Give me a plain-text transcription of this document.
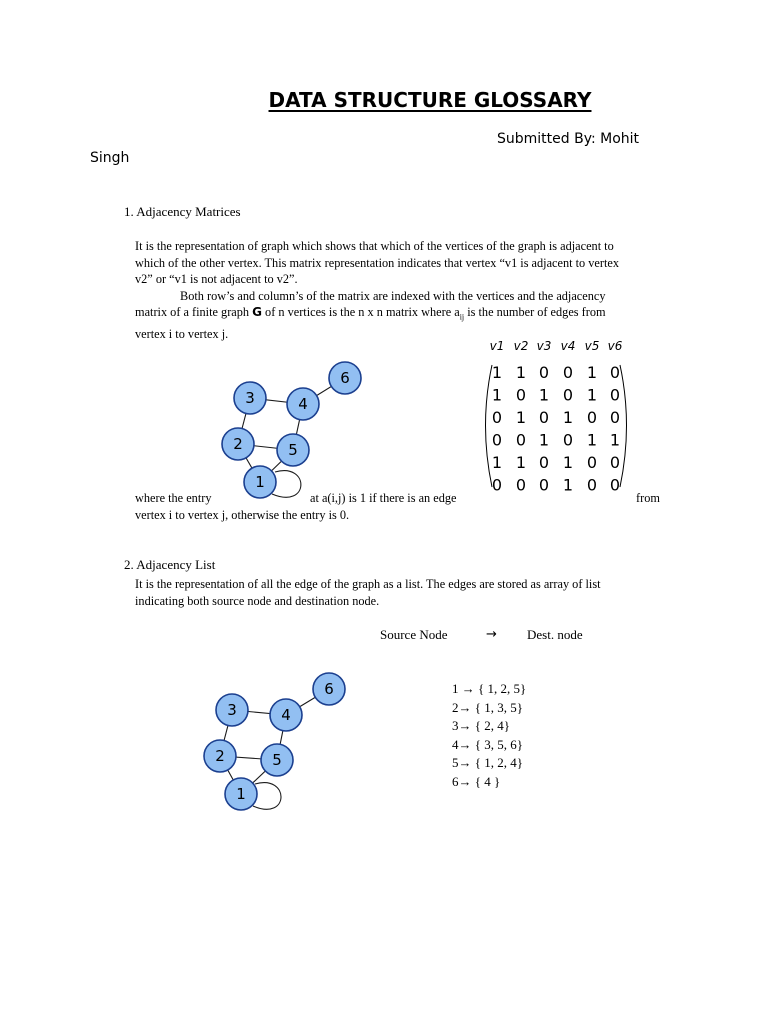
DATA STRUCTURE GLOSSARY
Submitted By: Mohit
Singh
1. Adjacency Matrices
It is the representation of graph which shows that which of the vertices of the graph is adjacent to
which of the other vertex. This matrix representation indicates that vertex “v1 is adjacent to vertex
v2” or “v1 is not adjacent to v2”.
Both row’s and column’s of the matrix are indexed with the vertices and the adjacency
matrix of a finite graph G of n vertices is the n x n matrix where $a_{ij}$ is the number of edges from
vertex i to vertex j.
1
2
3	4
5
6
v1 v2 v3 v4 v5 v6
1 1 0 0 1 0
1 0 1 0 1 0
0 1 0 1 0 0
0 0 1 0 1 1
1 1 0 1 0 0
0 0 0 1 0 0
where the entry	at a(i,j) is 1 if there is an edge	from
vertex i to vertex j, otherwise the entry is 0.
2. Adjacency List
It is the representation of all the edge of the graph as a list. The edges are stored as array of list
indicating both source node and destination node.
Source Node	→ Dest. node
1
2
3	4
5
6	1 → { 1, 2, 5}
2→ { 1, 3, 5}
3→ { 2, 4}
4→ { 3, 5, 6}
5→ { 1, 2, 4}
6→ { 4 }
